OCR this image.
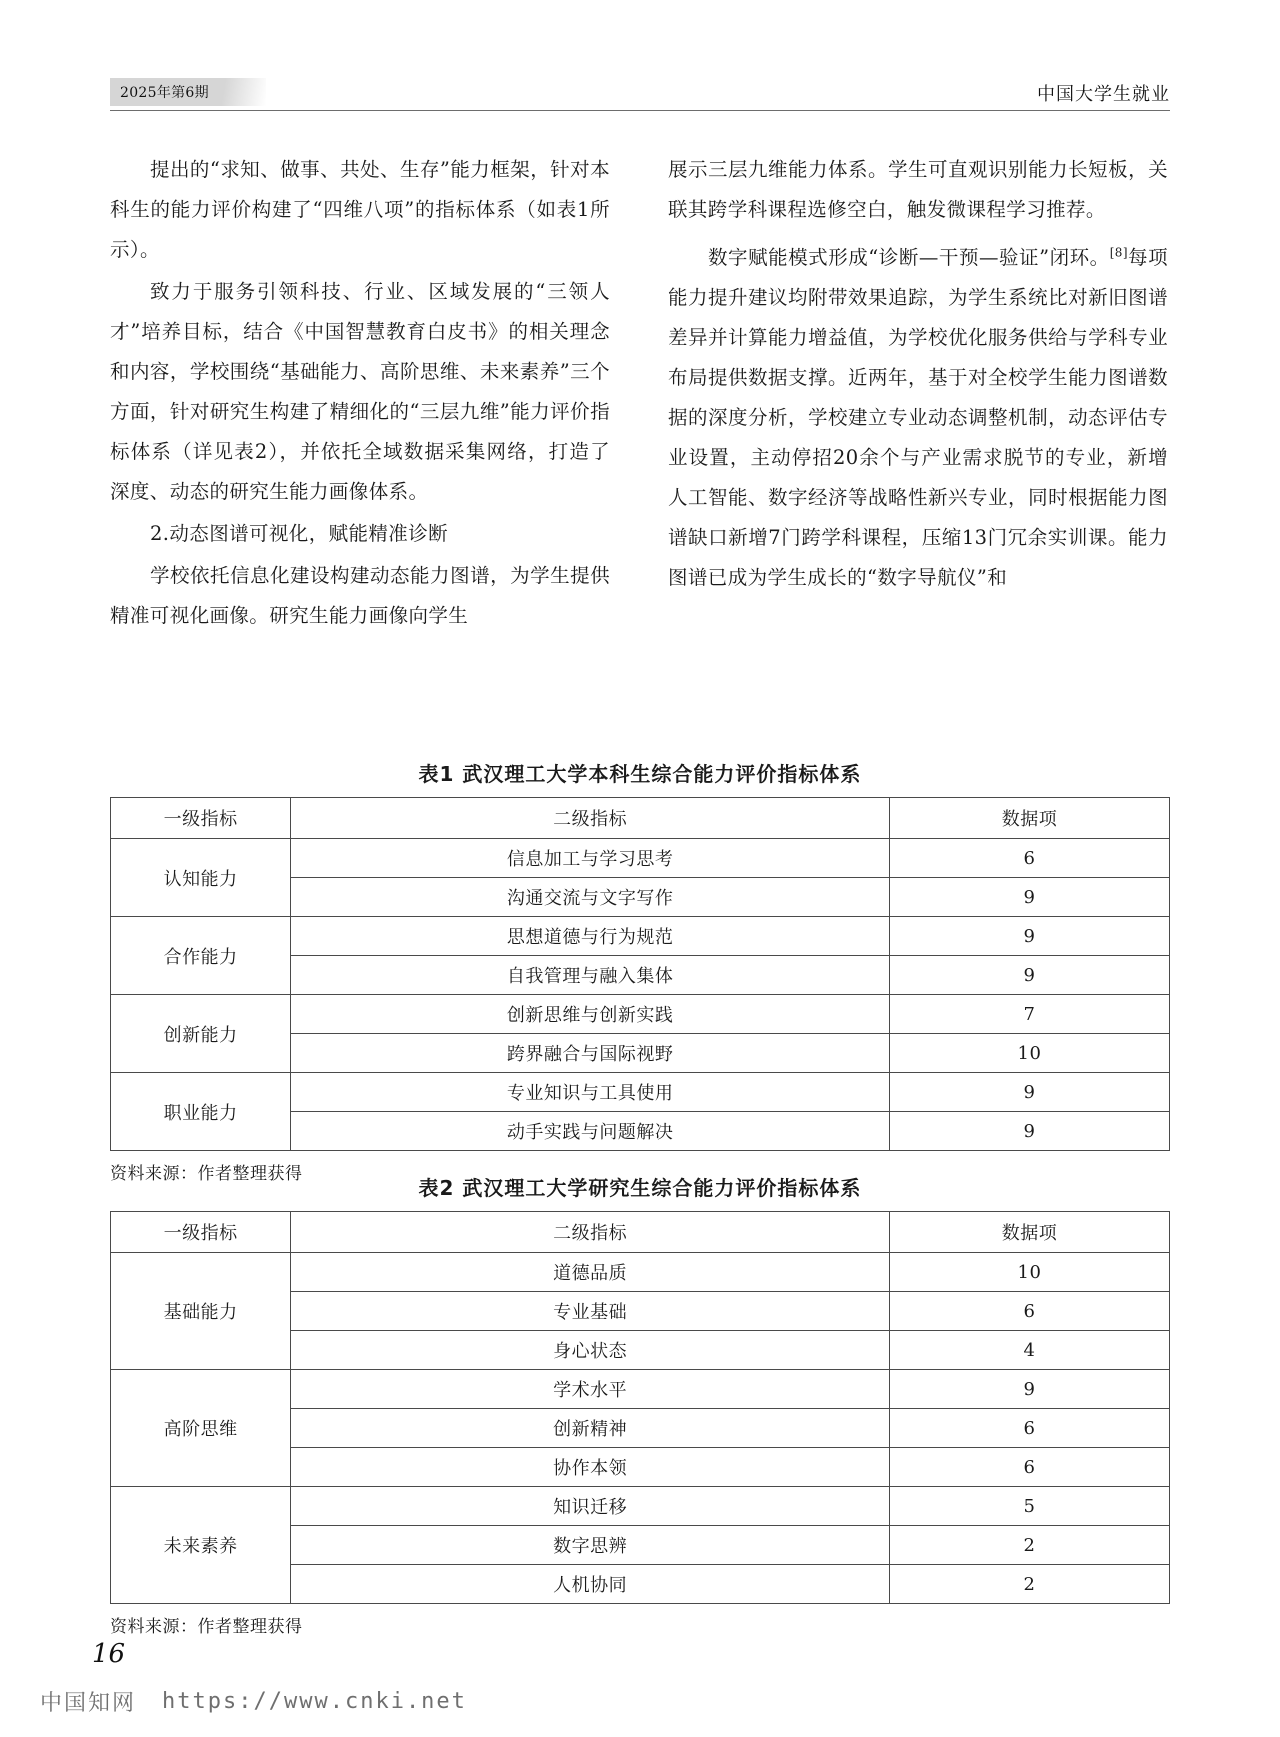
2025年第6期	中国大学生就业

提出的“求知、做事、共处、生存”能力框架，针对本科生的能力评价构建了“四维八项”的指标体系（如表1所示）。

致力于服务引领科技、行业、区域发展的“三领人才”培养目标，结合《中国智慧教育白皮书》的相关理念和内容，学校围绕“基础能力、高阶思维、未来素养”三个方面，针对研究生构建了精细化的“三层九维”能力评价指标体系（详见表2），并依托全域数据采集网络，打造了深度、动态的研究生能力画像体系。

2.动态图谱可视化，赋能精准诊断

学校依托信息化建设构建动态能力图谱，为学生提供精准可视化画像。研究生能力画像向学生

展示三层九维能力体系。学生可直观识别能力长短板，关联其跨学科课程选修空白，触发微课程学习推荐。

数字赋能模式形成“诊断—干预—验证”闭环。[8]每项能力提升建议均附带效果追踪，为学生系统比对新旧图谱差异并计算能力增益值，为学校优化服务供给与学科专业布局提供数据支撑。近两年，基于对全校学生能力图谱数据的深度分析，学校建立专业动态调整机制，动态评估专业设置，主动停招20余个与产业需求脱节的专业，新增人工智能、数字经济等战略性新兴专业，同时根据能力图谱缺口新增7门跨学科课程，压缩13门冗余实训课。能力图谱已成为学生成长的“数字导航仪”和

表1 武汉理工大学本科生综合能力评价指标体系
一级指标	二级指标	数据项
认知能力	信息加工与学习思考	6
	沟通交流与文字写作	9
合作能力	思想道德与行为规范	9
	自我管理与融入集体	9
创新能力	创新思维与创新实践	7
	跨界融合与国际视野	10
职业能力	专业知识与工具使用	9
	动手实践与问题解决	9
资料来源：作者整理获得
表2 武汉理工大学研究生综合能力评价指标体系
一级指标	二级指标	数据项
基础能力	道德品质	10
	专业基础	6
	身心状态	4
高阶思维	学术水平	9
	创新精神	6
	协作本领	6
未来素养	知识迁移	5
	数字思辨	2
	人机协同	2
资料来源：作者整理获得
16
中国知网 https://www.cnki.net
